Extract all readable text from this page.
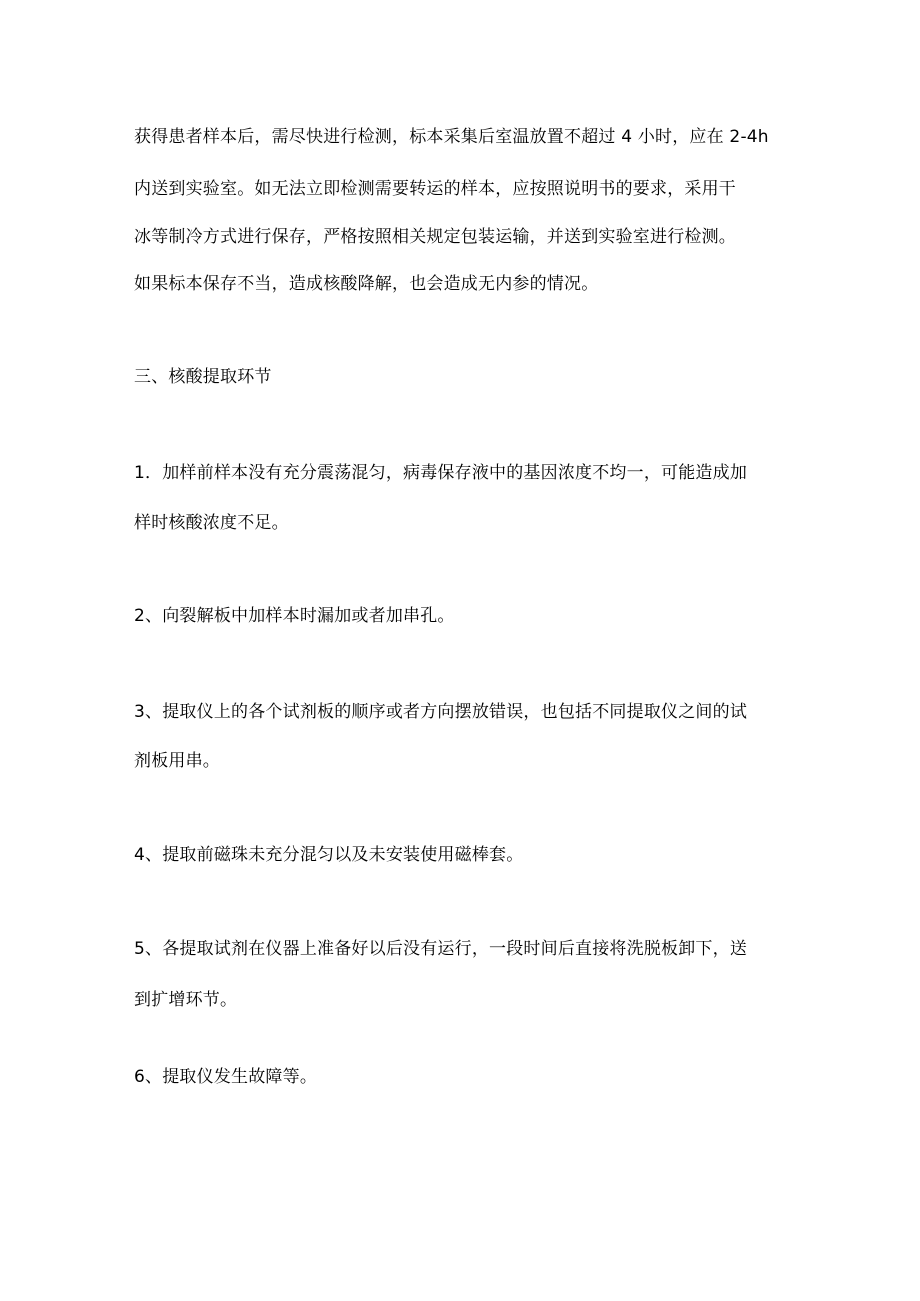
获得患者样本后，需尽快进行检测，标本采集后室温放置不超过 4 小时，应在 2-4h
内送到实验室。如无法立即检测需要转运的样本，应按照说明书的要求，采用干
冰等制冷方式进行保存，严格按照相关规定包装运输，并送到实验室进行检测。
如果标本保存不当，造成核酸降解，也会造成无内参的情况。
三、核酸提取环节
1．加样前样本没有充分震荡混匀，病毒保存液中的基因浓度不均一，可能造成加
样时核酸浓度不足。
2、向裂解板中加样本时漏加或者加串孔。
3、提取仪上的各个试剂板的顺序或者方向摆放错误，也包括不同提取仪之间的试
剂板用串。
4、提取前磁珠未充分混匀以及未安装使用磁棒套。
5、各提取试剂在仪器上准备好以后没有运行，一段时间后直接将洗脱板卸下，送
到扩增环节。
6、提取仪发生故障等。
